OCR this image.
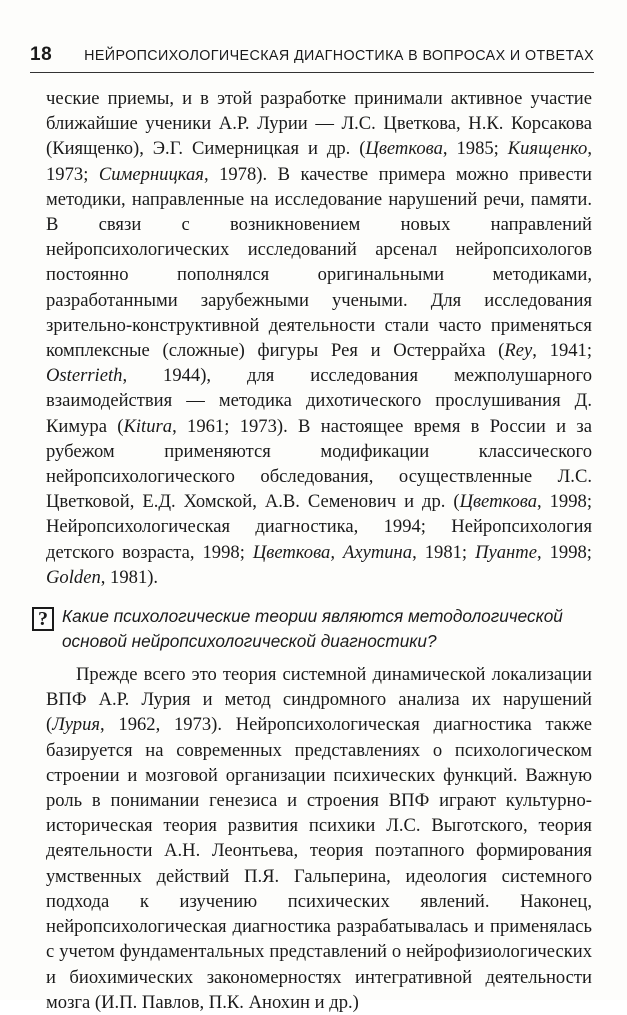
18 НЕЙРОПСИХОЛОГИЧЕСКАЯ ДИАГНОСТИКА В ВОПРОСАХ И ОТВЕТАХ

ческие приемы, и в этой разработке принимали активное участие ближайшие ученики А.Р. Лурии — Л.С. Цветкова, Н.К. Корсакова (Киященко), Э.Г. Симерницкая и др. (Цветкова, 1985; Киященко, 1973; Симерницкая, 1978). В качестве примера можно привести методики, направленные на исследование нарушений речи, памяти. В связи с возникновением новых направлений нейропсихологических исследований арсенал нейропсихологов постоянно пополнялся оригинальными методиками, разработанными зарубежными учеными. Для исследования зрительно-конструктивной деятельности стали часто применяться комплексные (сложные) фигуры Рея и Остеррайха (Rey, 1941; Osterrieth, 1944), для исследования межполушарного взаимодействия — методика дихотического прослушивания Д. Кимура (Kitura, 1961; 1973). В настоящее время в России и за рубежом применяются модификации классического нейропсихологического обследования, осуществленные Л.С. Цветковой, Е.Д. Хомской, А.В. Семенович и др. (Цветкова, 1998; Нейропсихологическая диагностика, 1994; Нейропсихология детского возраста, 1998; Цветкова, Ахутина, 1981; Пуанте, 1998; Golden, 1981).

? Какие психологические теории являются методологической основой нейропсихологической диагностики?

Прежде всего это теория системной динамической локализации ВПФ А.Р. Лурия и метод синдромного анализа их нарушений (Лурия, 1962, 1973). Нейропсихологическая диагностика также базируется на современных представлениях о психологическом строении и мозговой организации психических функций. Важную роль в понимании генезиса и строения ВПФ играют культурно-историческая теория развития психики Л.С. Выготского, теория деятельности А.Н. Леонтьева, теория поэтапного формирования умственных действий П.Я. Гальперина, идеология системного подхода к изучению психических явлений. Наконец, нейропсихологическая диагностика разрабатывалась и применялась с учетом фундаментальных представлений о нейрофизиологических и биохимических закономерностях интегративной деятельности мозга (И.П. Павлов, П.К. Анохин и др.)
